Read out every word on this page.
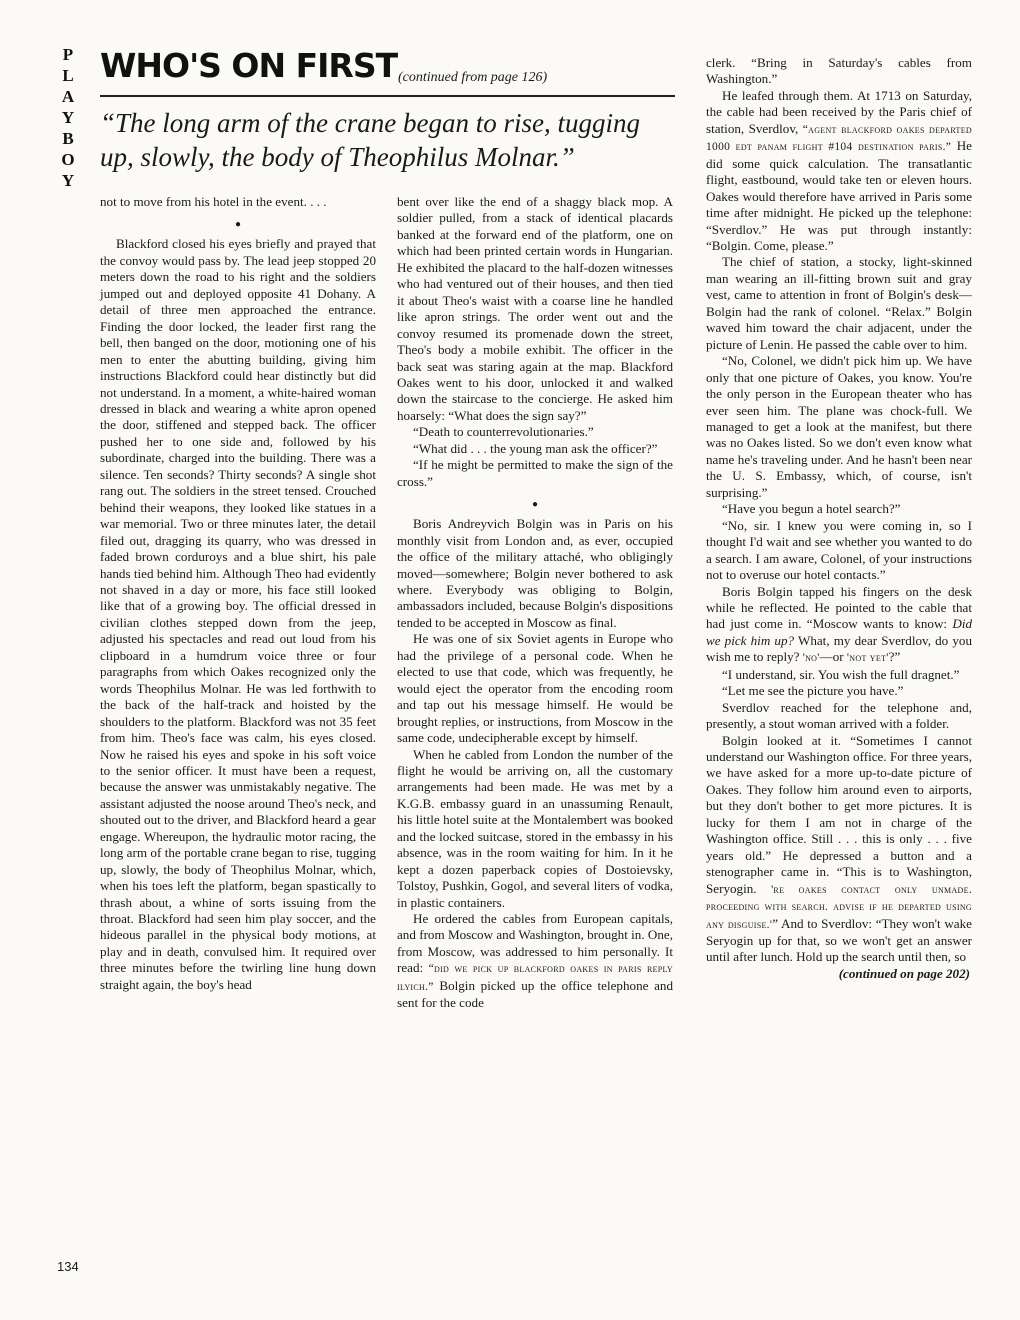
P
L
A
Y
B
O
Y
WHO'S ON FIRST (continued from page 126)
“The long arm of the crane began to rise, tugging up, slowly, the body of Theophilus Molnar.”

not to move from his hotel in the event. . . .

●

Blackford closed his eyes briefly and prayed that the convoy would pass by. The lead jeep stopped 20 meters down the road to his right and the soldiers jumped out and deployed opposite 41 Dohany. A detail of three men approached the entrance. Finding the door locked, the leader first rang the bell, then banged on the door, motioning one of his men to enter the abutting building, giving him instructions Blackford could hear distinctly but did not understand. In a moment, a white-haired woman dressed in black and wearing a white apron opened the door, stiffened and stepped back. The officer pushed her to one side and, followed by his subordinate, charged into the building. There was a silence. Ten seconds? Thirty seconds? A single shot rang out. The soldiers in the street tensed. Crouched behind their weapons, they looked like statues in a war memorial. Two or three minutes later, the detail filed out, dragging its quarry, who was dressed in faded brown corduroys and a blue shirt, his pale hands tied behind him. Although Theo had evidently not shaved in a day or more, his face still looked like that of a growing boy. The official dressed in civilian clothes stepped down from the jeep, adjusted his spectacles and read out loud from his clipboard in a humdrum voice three or four paragraphs from which Oakes recognized only the words Theophilus Molnar. He was led forthwith to the back of the half-track and hoisted by the shoulders to the platform. Blackford was not 35 feet from him. Theo's face was calm, his eyes closed. Now he raised his eyes and spoke in his soft voice to the senior officer. It must have been a request, because the answer was unmistakably negative. The assistant adjusted the noose around Theo's neck, and shouted out to the driver, and Blackford heard a gear engage. Whereupon, the hydraulic motor racing, the long arm of the portable crane began to rise, tugging up, slowly, the body of Theophilus Molnar, which, when his toes left the platform, began spastically to thrash about, a whine of sorts issuing from the throat. Blackford had seen him play soccer, and the hideous parallel in the physical body motions, at play and in death, convulsed him. It required over three minutes before the twirling line hung down straight again, the boy's head

bent over like the end of a shaggy black mop. A soldier pulled, from a stack of identical placards banked at the forward end of the platform, one on which had been printed certain words in Hungarian. He exhibited the placard to the half-dozen witnesses who had ventured out of their houses, and then tied it about Theo's waist with a coarse line he handled like apron strings. The order went out and the convoy resumed its promenade down the street, Theo's body a mobile exhibit. The officer in the back seat was staring again at the map. Blackford Oakes went to his door, unlocked it and walked down the staircase to the concierge. He asked him hoarsely: “What does the sign say?”

“Death to counterrevolutionaries.”

“What did . . . the young man ask the officer?”

“If he might be permitted to make the sign of the cross.”

●

Boris Andreyvich Bolgin was in Paris on his monthly visit from London and, as ever, occupied the office of the military attaché, who obligingly moved—somewhere; Bolgin never bothered to ask where. Everybody was obliging to Bolgin, ambassadors included, because Bolgin's dispositions tended to be accepted in Moscow as final.

He was one of six Soviet agents in Europe who had the privilege of a personal code. When he elected to use that code, which was frequently, he would eject the operator from the encoding room and tap out his message himself. He would be brought replies, or instructions, from Moscow in the same code, undecipherable except by himself.

When he cabled from London the number of the flight he would be arriving on, all the customary arrangements had been made. He was met by a K.G.B. embassy guard in an unassuming Renault, his little hotel suite at the Montalembert was booked and the locked suitcase, stored in the embassy in his absence, was in the room waiting for him. In it he kept a dozen paperback copies of Dostoievsky, Tolstoy, Pushkin, Gogol, and several liters of vodka, in plastic containers.

He ordered the cables from European capitals, and from Moscow and Washington, brought in. One, from Moscow, was addressed to him personally. It read: “did we pick up blackford oakes in paris reply ilyich.” Bolgin picked up the office telephone and sent for the code

clerk. “Bring in Saturday's cables from Washington.”

He leafed through them. At 1713 on Saturday, the cable had been received by the Paris chief of station, Sverdlov, “agent blackford oakes departed 1000 edt panam flight #104 destination paris.” He did some quick calculation. The transatlantic flight, eastbound, would take ten or eleven hours. Oakes would therefore have arrived in Paris some time after midnight. He picked up the telephone: “Sverdlov.” He was put through instantly: “Bolgin. Come, please.”

The chief of station, a stocky, light-skinned man wearing an ill-fitting brown suit and gray vest, came to attention in front of Bolgin's desk—Bolgin had the rank of colonel. “Relax.” Bolgin waved him toward the chair adjacent, under the picture of Lenin. He passed the cable over to him.

“No, Colonel, we didn't pick him up. We have only that one picture of Oakes, you know. You're the only person in the European theater who has ever seen him. The plane was chock-full. We managed to get a look at the manifest, but there was no Oakes listed. So we don't even know what name he's traveling under. And he hasn't been near the U. S. Embassy, which, of course, isn't surprising.”

“Have you begun a hotel search?”

“No, sir. I knew you were coming in, so I thought I'd wait and see whether you wanted to do a search. I am aware, Colonel, of your instructions not to overuse our hotel contacts.”

Boris Bolgin tapped his fingers on the desk while he reflected. He pointed to the cable that had just come in. “Moscow wants to know: Did we pick him up? What, my dear Sverdlov, do you wish me to reply? 'no'—or 'not yet'?”

“I understand, sir. You wish the full dragnet.”

“Let me see the picture you have.”

Sverdlov reached for the telephone and, presently, a stout woman arrived with a folder.

Bolgin looked at it. “Sometimes I cannot understand our Washington office. For three years, we have asked for a more up-to-date picture of Oakes. They follow him around even to airports, but they don't bother to get more pictures. It is lucky for them I am not in charge of the Washington office. Still . . . this is only . . . five years old.” He depressed a button and a stenographer came in. “This is to Washington, Seryogin. 're oakes contact only unmade. proceeding with search. advise if he departed using any disguise.'” And to Sverdlov: “They won't wake Seryogin up for that, so we won't get an answer until after lunch. Hold up the search until then, so

(continued on page 202)
134
